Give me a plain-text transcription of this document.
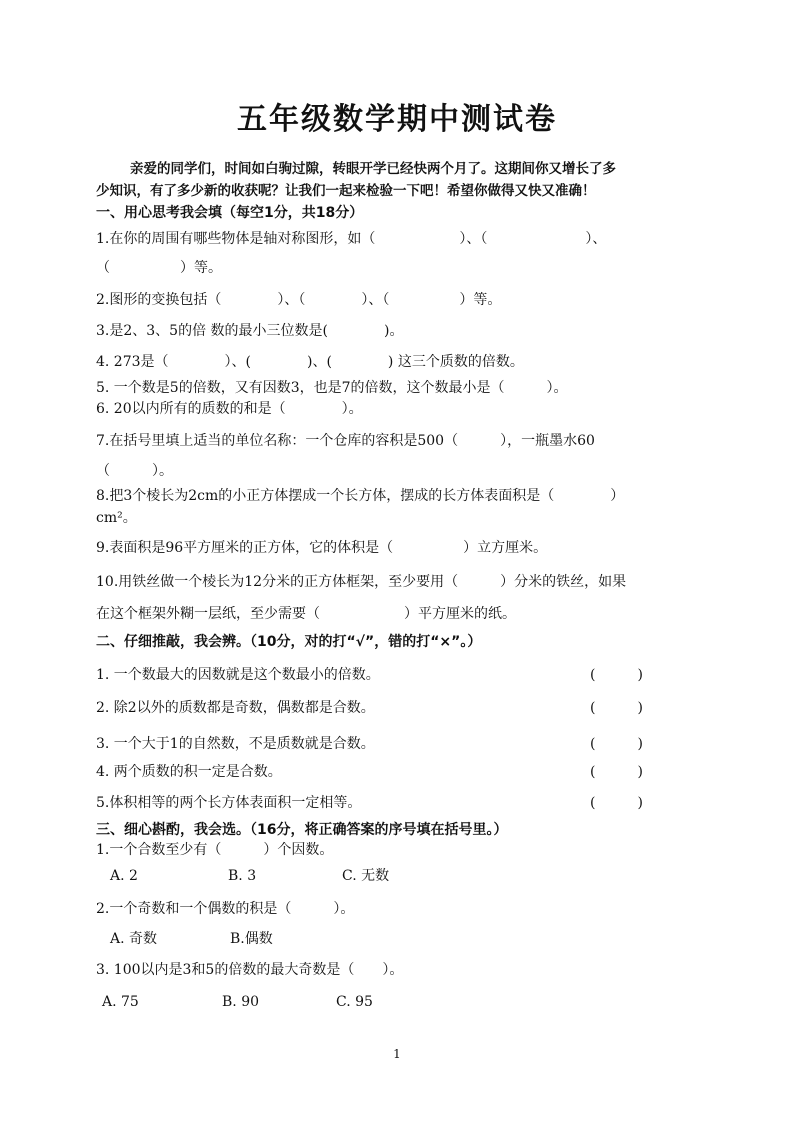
五年级数学期中测试卷
亲爱的同学们，时间如白驹过隙，转眼开学已经快两个月了。这期间你又增长了多
少知识，有了多少新的收获呢？让我们一起来检验一下吧！希望你做得又快又准确！
一、用心思考我会填（每空1分，共18分）
1.在你的周围有哪些物体是轴对称图形，如（　　　　　　）、（　　　　　　　）、
（　　　　　）等。
2.图形的变换包括（　　　　）、（　　　　）、（　　　　　）等。
3.是2、3、5的倍 数的最小三位数是(　　　　)。
4. 273是（　　　　）、(　　　　)、(　　　　) 这三个质数的倍数。
5. 一个数是5的倍数，又有因数3，也是7的倍数，这个数最小是（　　　）。
6. 20以内所有的质数的和是（　　　　）。
7.在括号里填上适当的单位名称：一个仓库的容积是500（　　　），一瓶墨水60
（　　　）。
8.把3个棱长为2cm的小正方体摆成一个长方体，摆成的长方体表面积是（　　　　）
cm²。
9.表面积是96平方厘米的正方体，它的体积是（　　　　　）立方厘米。
10.用铁丝做一个棱长为12分米的正方体框架，至少要用（　　　）分米的铁丝，如果
在这个框架外糊一层纸，至少需要（　　　　　　）平方厘米的纸。
二、仔细推敲，我会辨。（10分，对的打“√”，错的打“×”。）
1. 一个数最大的因数就是这个数最小的倍数。	(　　　)
2. 除2以外的质数都是奇数，偶数都是合数。	(　　　)
3. 一个大于1的自然数，不是质数就是合数。	(　　　)
4. 两个质数的积一定是合数。	(　　　)
5.体积相等的两个长方体表面积一定相等。	(　　　)
三、细心斟酌，我会选。（16分，将正确答案的序号填在括号里。）
1.一个合数至少有（　　　）个因数。
A. 2	B. 3	C. 无数
2.一个奇数和一个偶数的积是（　　　）。
A. 奇数	B.偶数
3. 100以内是3和5的倍数的最大奇数是（　　）。
A. 75	B. 90	C. 95
1
